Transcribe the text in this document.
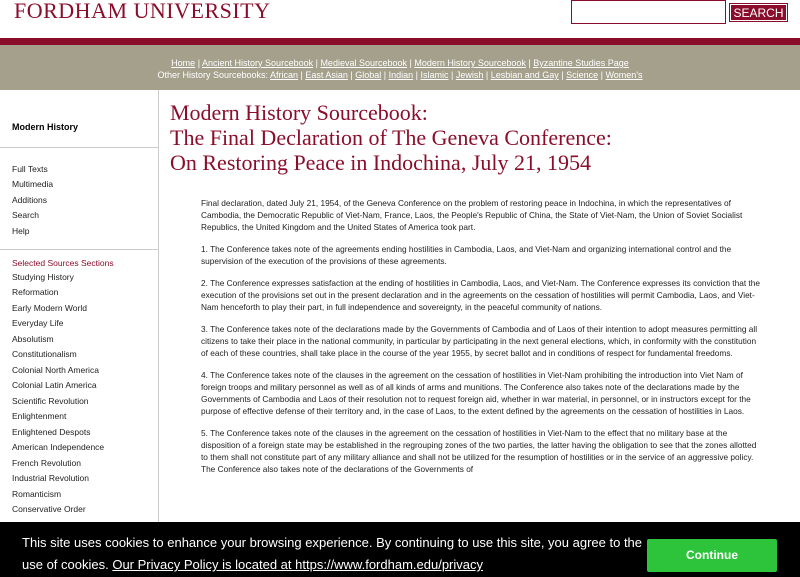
FORDHAM UNIVERSITY	SEARCH
Home | Ancient History Sourcebook | Medieval Sourcebook | Modern History Sourcebook | Byzantine Studies Page
Other History Sourcebooks: African | East Asian | Global | Indian | Islamic | Jewish | Lesbian and Gay | Science | Women's
Modern History
Full Texts
Multimedia
Additions
Search
Help
Selected Sources Sections
Studying History
Reformation
Early Modern World
Everyday Life
Absolutism
Constitutionalism
Colonial North America
Colonial Latin America
Scientific Revolution
Enlightenment
Enlightened Despots
American Independence
French Revolution
Industrial Revolution
Romanticism
Conservative Order
Modern History Sourcebook:
The Final Declaration of The Geneva Conference:
On Restoring Peace in Indochina, July 21, 1954

Final declaration, dated July 21, 1954, of the Geneva Conference on the problem of restoring peace in Indochina, in which the representatives of Cambodia, the Democratic Republic of Viet-Nam, France, Laos, the People's Republic of China, the State of Viet-Nam, the Union of Soviet Socialist Republics, the United Kingdom and the United States of America took part.

1. The Conference takes note of the agreements ending hostilities in Cambodia, Laos, and Viet-Nam and organizing international control and the supervision of the execution of the provisions of these agreements.

2. The Conference expresses satisfaction at the ending of hostilities in Cambodia, Laos, and Viet-Nam. The Conference expresses its conviction that the execution of the provisions set out in the present declaration and in the agreements on the cessation of hostilities will permit Cambodia, Laos, and Viet-Nam henceforth to play their part, in full independence and sovereignty, in the peaceful community of nations.

3. The Conference takes note of the declarations made by the Governments of Cambodia and of Laos of their intention to adopt measures permitting all citizens to take their place in the national community, in particular by participating in the next general elections, which, in conformity with the constitution of each of these countries, shall take place in the course of the year 1955, by secret ballot and in conditions of respect for fundamental freedoms.

4. The Conference takes note of the clauses in the agreement on the cessation of hostilities in Viet-Nam prohibiting the introduction into Viet Nam of foreign troops and military personnel as well as of all kinds of arms and munitions. The Conference also takes note of the declarations made by the Governments of Cambodia and Laos of their resolution not to request foreign aid, whether in war material, in personnel, or in instructors except for the purpose of effective defense of their territory and, in the case of Laos, to the extent defined by the agreements on the cessation of hostilities in Laos.

5. The Conference takes note of the clauses in the agreement on the cessation of hostilities in Viet-Nam to the effect that no military base at the disposition of a foreign state may be established in the regrouping zones of the two parties, the latter having the obligation to see that the zones allotted to them shall not constitute part of any military alliance and shall not be utilized for the resumption of hostilities or in the service of an aggressive policy. The Conference also takes note of the declarations of the Governments of

This site uses cookies to enhance your browsing experience. By continuing to use this site, you agree to the use of cookies. Our Privacy Policy is located at https://www.fordham.edu/privacy
Continue
